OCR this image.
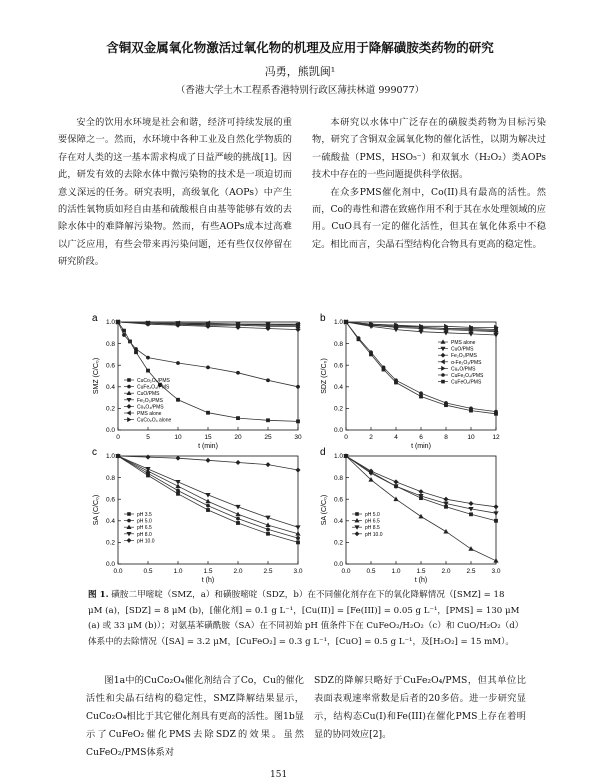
含铜双金属氧化物激活过氧化物的机理及应用于降解磺胺类药物的研究
冯勇，熊凯闽¹
（香港大学土木工程系香港特别行政区薄扶林道 999077）

安全的饮用水环境是社会和谐，经济可持续发展的重要保障之一。然而，水环境中各种工业及自然化学物质的存在对人类的这一基本需求构成了日益严峻的挑战[1]。因此，研发有效的去除水体中微污染物的技术是一项迫切而意义深远的任务。研究表明，高级氧化（AOPs）中产生的活性氧物质如羟自由基和硫酸根自由基等能够有效的去除水体中的难降解污染物。然而，有些AOPs成本过高难以广泛应用，有些会带来再污染问题，还有些仅仅停留在研究阶段。

本研究以水体中广泛存在的磺胺类药物为目标污染物，研究了含铜双金属氧化物的催化活性，以期为解决过一硫酸盐（PMS，HSO₅⁻）和双氧水（H₂O₂）类AOPs技术中存在的一些问题提供科学依据。

在众多PMS催化剂中，Co(II)具有最高的活性。然而，Co的毒性和潜在致癌作用不利于其在水处理领域的应用。CuO具有一定的催化活性，但其在氧化体系中不稳定。相比而言，尖晶石型结构化合物具有更高的稳定性。

a
0	5	10	15	20	25	30
0.0
0.2
0.4
0.6
0.8
1.0
t (min)
SMZ (C/C₀)	CuCo₂O₄/PMS
CuFe₂O₄/PMS
CuO/PMS
Fe₂O₃/PMS
Co₃O₄/PMS
PMS alone
CuCo₂O₄ alone
b
0	2	4	6	8	10	12
0.0
0.2
0.4
0.6
0.8
1.0
t (min)
SDZ (C/C₀)
PMS alone
CuO/PMS
Fe₂O₃/PMS
α-Fe₂O₃/PMS
Cu₂O/PMS
CuFe₂O₄/PMS
CuFeO₂/PMS
c
0.0	0.5	1.0	1.5	2.0	2.5	3.0
0.0
0.2
0.4
0.6
0.8
1.0
t (h)
SA (C/C₀)	pH 3.5
pH 5.0
pH 6.5
pH 8.0
pH 10.0
d
0.0 0.5 1.0 1.5 2.0 2.5 3.0
0.0
0.2
0.4
0.6
0.8
1.0
t (h)
SA (C/C₀)	pH 5.0
pH 6.5
pH 8.5
pH 10.0
图 1. 磺胺二甲嘧啶（SMZ，a）和磺胺嘧啶（SDZ，b）在不同催化剂存在下的氧化降解情况（[SMZ] = 18 μM (a)，[SDZ] = 8 μM (b)，[催化剂] = 0.1 g L⁻¹，[Cu(II)] = [Fe(III)] = 0.05 g L⁻¹，[PMS] = 130 μM (a) 或 33 μM (b)）；对氨基苯磺酰胺（SA）在不同初始 pH 值条件下在 CuFeO₂/H₂O₂（c）和 CuO/H₂O₂（d）体系中的去除情况（[SA] = 3.2 μM，[CuFeO₂] = 0.3 g L⁻¹，[CuO] = 0.5 g L⁻¹，及[H₂O₂] = 15 mM）。

图1a中的CuCo₂O₄催化剂结合了Co，Cu的催化活性和尖晶石结构的稳定性，SMZ降解结果显示，CuCo₂O₄相比于其它催化剂具有更高的活性。图1b显示了CuFeO₂催化PMS去除SDZ的效果。虽然CuFeO₂/PMS体系对

SDZ的降解只略好于CuFe₂O₄/PMS，但其单位比表面表观速率常数是后者的20多倍。进一步研究显示，结构态Cu(I)和Fe(III)在催化PMS上存在着明显的协同效应[2]。

151
